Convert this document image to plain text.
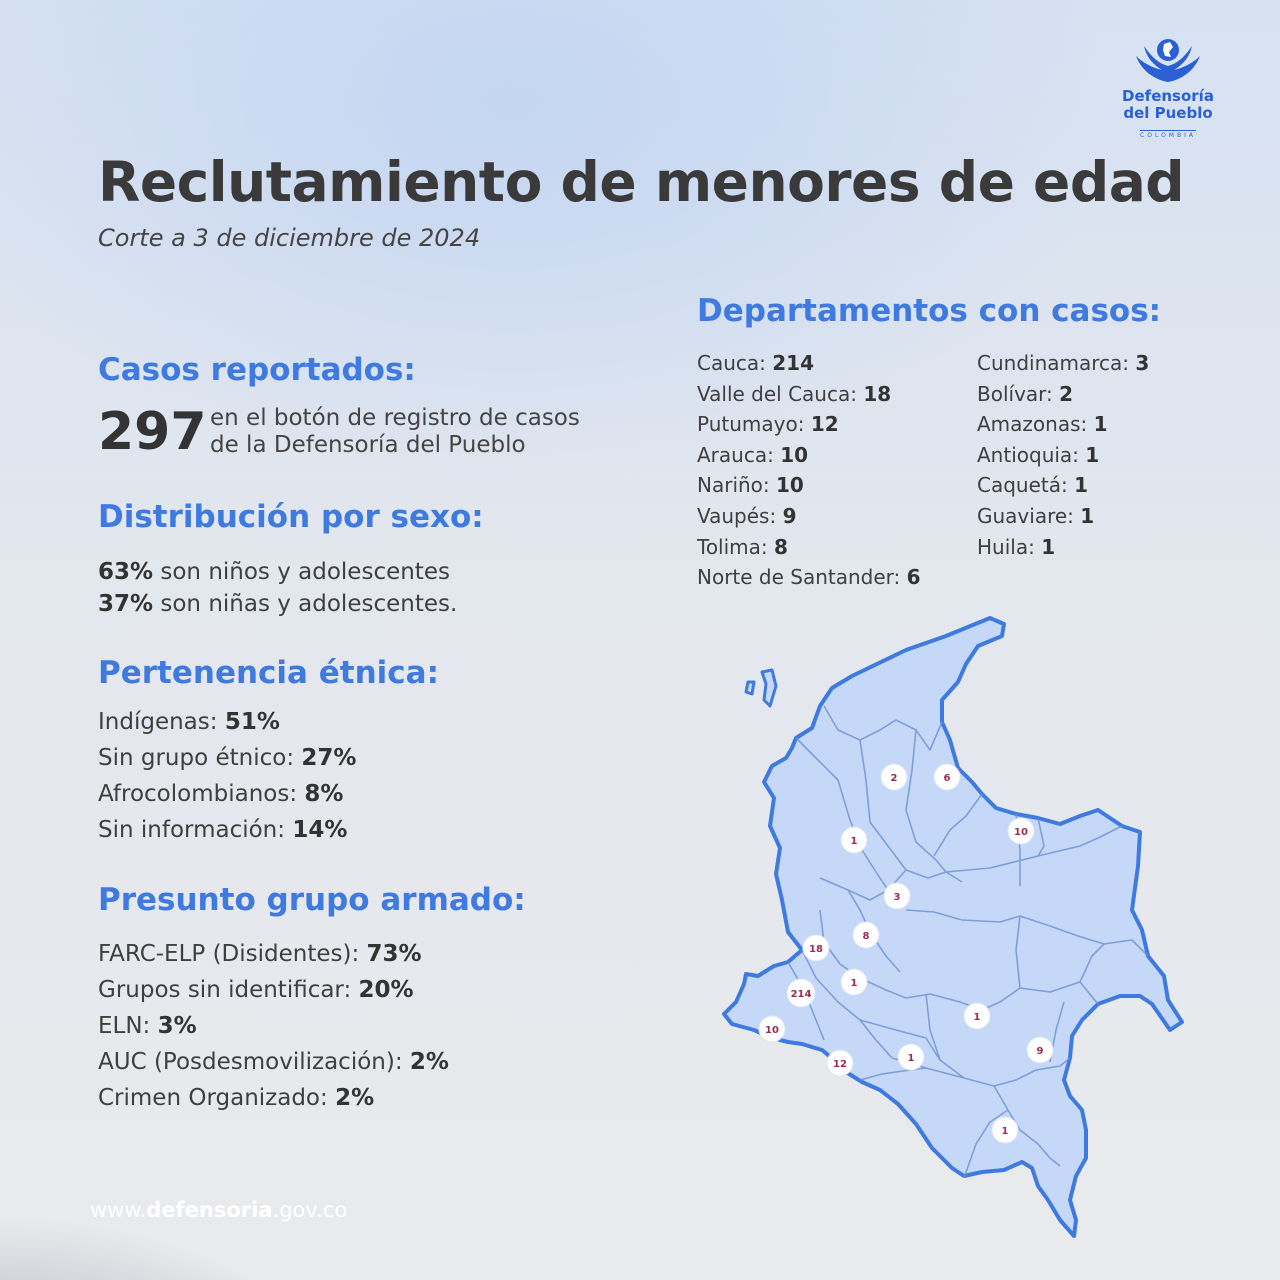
Defensoría
del Pueblo
COLOMBIA
Reclutamiento de menores de edad
Corte a 3 de diciembre de 2024
Casos reportados:
297 en el botón de registro de casos
de la Defensoría del Pueblo
Distribución por sexo:
63% son niños y adolescentes
37% son niñas y adolescentes.
Pertenencia étnica:
Indígenas: 51%
Sin grupo étnico: 27%
Afrocolombianos: 8%
Sin información: 14%
Presunto grupo armado:
FARC-ELP (Disidentes): 73%
Grupos sin identificar: 20%
ELN: 3%
AUC (Posdesmovilización): 2%
Crimen Organizado: 2%
Departamentos con casos:
Cauca: 214
Valle del Cauca: 18
Putumayo: 12
Arauca: 10
Nariño: 10
Vaupés: 9
Tolima: 8
Norte de Santander: 6
Cundinamarca: 3
Bolívar: 2
Amazonas: 1
Antioquia: 1
Caquetá: 1
Guaviare: 1
Huila: 1
2	6
10
1
3
8
18
1
214
10
12
1
1
9
1
www.defensoria.gov.co
